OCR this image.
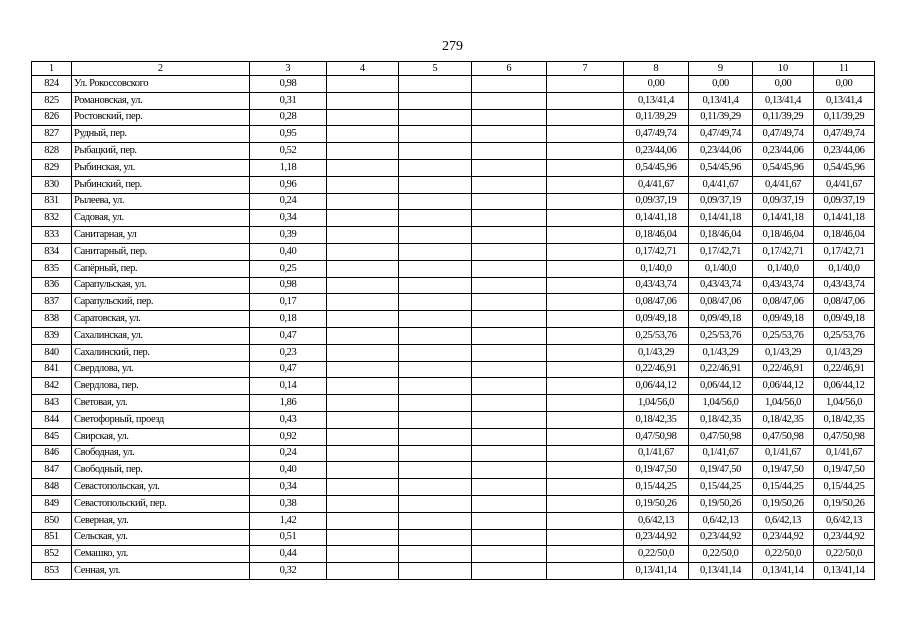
279
1	2	3	4	5	6	7	8	9	10	11
824	Ул. Рокоссовского	0,98					0,00	0,00	0,00	0,00
825	Романовская, ул.	0,31					0,13/41,4	0,13/41,4	0,13/41,4	0,13/41,4
826	Ростовский, пер.	0,28					0,11/39,29	0,11/39,29	0,11/39,29	0,11/39,29
827	Рудный, пер.	0,95					0,47/49,74	0,47/49,74	0,47/49,74	0,47/49,74
828	Рыбацкий, пер.	0,52					0,23/44,06	0,23/44,06	0,23/44,06	0,23/44,06
829	Рыбинская, ул.	1,18					0,54/45,96	0,54/45,96	0,54/45,96	0,54/45,96
830	Рыбинский, пер.	0,96					0,4/41,67	0,4/41,67	0,4/41,67	0,4/41,67
831	Рылеева, ул.	0,24					0,09/37,19	0,09/37,19	0,09/37,19	0,09/37,19
832	Садовая, ул.	0,34					0,14/41,18	0,14/41,18	0,14/41,18	0,14/41,18
833	Санитарная, ул	0,39					0,18/46,04	0,18/46,04	0,18/46,04	0,18/46,04
834	Санитарный, пер.	0,40					0,17/42,71	0,17/42,71	0,17/42,71	0,17/42,71
835	Сапёрный, пер.	0,25					0,1/40,0	0,1/40,0	0,1/40,0	0,1/40,0
836	Сарапульская, ул.	0,98					0,43/43,74	0,43/43,74	0,43/43,74	0,43/43,74
837	Сарапульский, пер.	0,17					0,08/47,06	0,08/47,06	0,08/47,06	0,08/47,06
838	Саратовская, ул.	0,18					0,09/49,18	0,09/49,18	0,09/49,18	0,09/49,18
839	Сахалинская, ул.	0,47					0,25/53,76	0,25/53,76	0,25/53,76	0,25/53,76
840	Сахалинский, пер.	0,23					0,1/43,29	0,1/43,29	0,1/43,29	0,1/43,29
841	Свердлова, ул.	0,47					0,22/46,91	0,22/46,91	0,22/46,91	0,22/46,91
842	Свердлова, пер.	0,14					0,06/44,12	0,06/44,12	0,06/44,12	0,06/44,12
843	Световая, ул.	1,86					1,04/56,0	1,04/56,0	1,04/56,0	1,04/56,0
844	Светофорный, проезд	0,43					0,18/42,35	0,18/42,35	0,18/42,35	0,18/42,35
845	Свирская, ул.	0,92					0,47/50,98	0,47/50,98	0,47/50,98	0,47/50,98
846	Свободная, ул.	0,24					0,1/41,67	0,1/41,67	0,1/41,67	0,1/41,67
847	Свободный, пер.	0,40					0,19/47,50	0,19/47,50	0,19/47,50	0,19/47,50
848	Севастопольская, ул.	0,34					0,15/44,25	0,15/44,25	0,15/44,25	0,15/44,25
849	Севастопольский, пер.	0,38					0,19/50,26	0,19/50,26	0,19/50,26	0,19/50,26
850	Северная, ул.	1,42					0,6/42,13	0,6/42,13	0,6/42,13	0,6/42,13
851	Сельская, ул.	0,51					0,23/44,92	0,23/44,92	0,23/44,92	0,23/44,92
852	Семашко, ул.	0,44					0,22/50,0	0,22/50,0	0,22/50,0	0,22/50,0
853	Сенная, ул.	0,32					0,13/41,14	0,13/41,14	0,13/41,14	0,13/41,14
